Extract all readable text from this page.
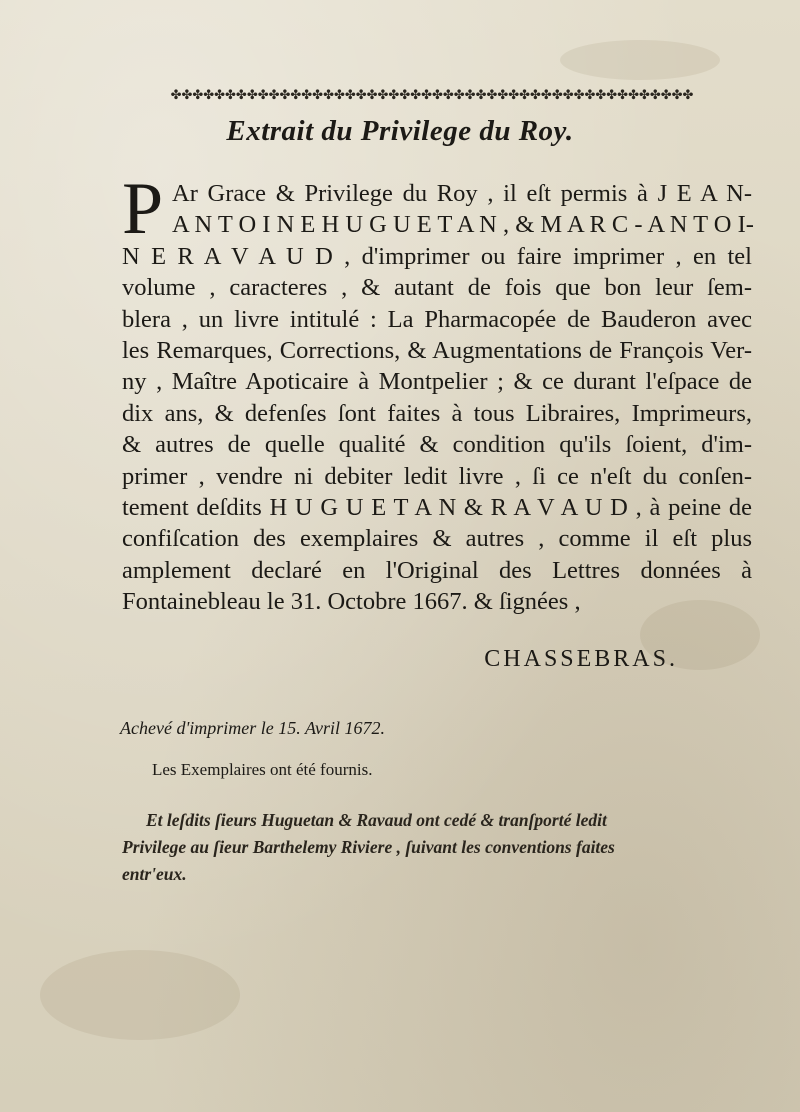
✤✤✤✤✤✤✤✤✤✤✤✤✤✤✤✤✤✤✤✤✤✤✤✤✤✤✤✤✤✤✤✤✤✤✤✤✤✤✤✤✤✤✤✤✤✤✤✤
Extrait du Privilege du Roy.
P Ar Grace & Privilege du Roy , il eſt permis à J E A N-
A N T O I N E H U G U E T A N , & M A R C - A N T O I-
N E R A V A U D , d'imprimer ou faire imprimer , en tel
volume , caracteres , & autant de fois que bon leur ſem-
blera , un livre intitulé : La Pharmacopée de Bauderon avec
les Remarques, Corrections, & Augmentations de François Ver-
ny , Maître Apoticaire à Montpelier ; & ce durant l'eſpace de
dix ans, & defenſes ſont faites à tous Libraires, Imprimeurs,
& autres de quelle qualité & condition qu'ils ſoient, d'im-
primer , vendre ni debiter ledit livre , ſi ce n'eſt du conſen-
tement deſdits H U G U E T A N & R A V A U D , à peine de
confiſcation des exemplaires & autres , comme il eſt plus
amplement declaré en l'Original des Lettres données à
Fontainebleau le 31. Octobre 1667. & ſignées ,
CHASSEBRAS.
Achevé d'imprimer le 15. Avril 1672.
Les Exemplaires ont été fournis.
Et leſdits ſieurs Huguetan & Ravaud ont cedé & tranſporté ledit
Privilege au ſieur Barthelemy Riviere , ſuivant les conventions faites
entr'eux.
